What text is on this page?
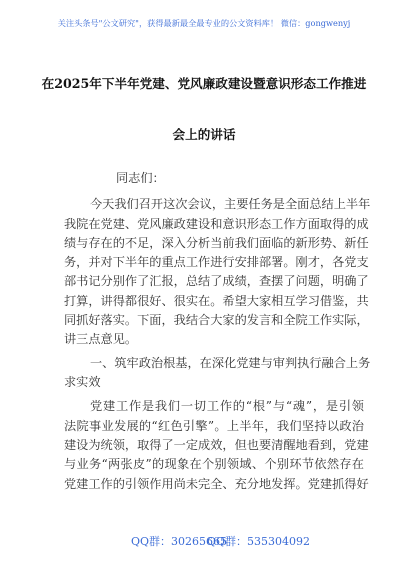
关注头条号"公文研究"，获得最新最全最专业的公文资料库！ 微信：gongwenyj
在2025年下半年党建、党风廉政建设暨意识形态工作推进
会上的讲话
同志们：
今天我们召开这次会议，主要任务是全面总结上半年
我院在党建、党风廉政建设和意识形态工作方面取得的成
绩与存在的不足，深入分析当前我们面临的新形势、新任
务，并对下半年的重点工作进行安排部署。刚才，各党支
部书记分别作了汇报，总结了成绩，查摆了问题，明确了
打算，讲得都很好、很实在。希望大家相互学习借鉴，共
同抓好落实。下面，我结合大家的发言和全院工作实际，
讲三点意见。
一、筑牢政治根基，在深化党建与审判执行融合上务
求实效
党建工作是我们一切工作的“根”与“魂”，是引领
法院事业发展的“红色引擎”。上半年，我们坚持以政治
建设为统领，取得了一定成效，但也要清醒地看到，党建
与业务“两张皮”的现象在个别领域、个别环节依然存在
党建工作的引领作用尚未完全、充分地发挥。党建抓得好
QQ群：30265665
QQ群：535304092
